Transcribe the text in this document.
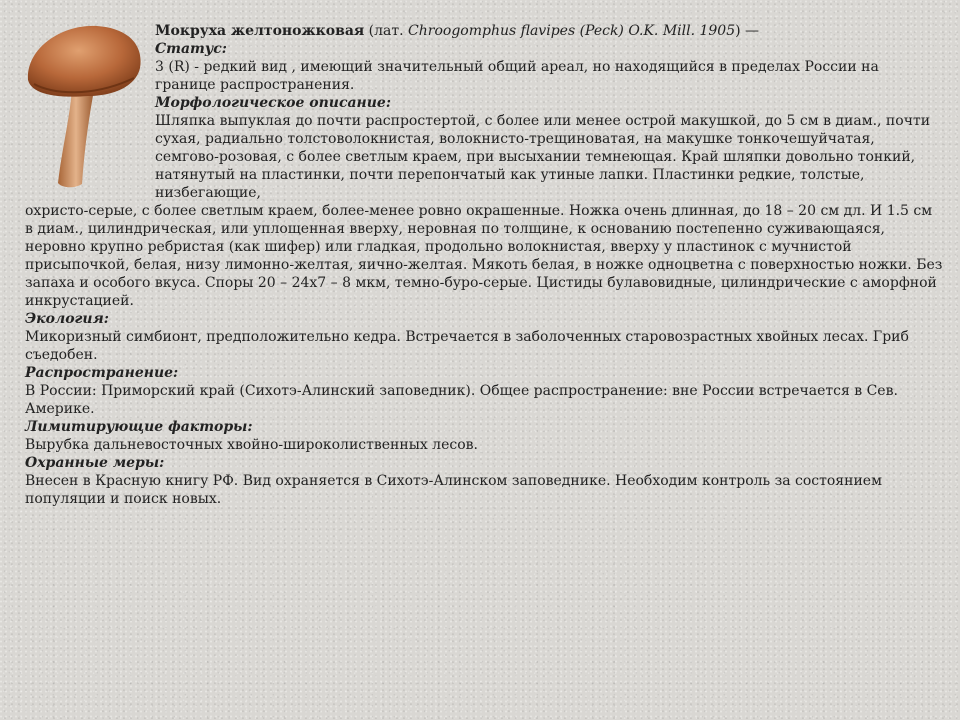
Мокруха желтоножковая (лат. Chroogomphus flavipes (Peck) O.K. Mill. 1905) —

Статус:

3 (R) - редкий вид , имеющий значительный общий ареал, но находящийся в пределах России на границе распространения.

Морфологическое описание:

Шляпка выпуклая до почти распростертой, с более или менее острой макушкой, до 5 см в диам., почти сухая, радиально толстоволокнистая, волокнисто-трещиноватая, на макушке тонкочешуйчатая, семгово-розовая, с более светлым краем, при высыхании темнеющая. Край шляпки довольно тонкий, натянутый на пластинки, почти перепончатый как утиные лапки. Пластинки редкие, толстые, низбегающие,

охристо-серые, с более светлым краем, более-менее ровно окрашенные. Ножка очень длинная, до 18 – 20 см дл. И 1.5 см в диам., цилиндрическая, или уплощенная вверху, неровная по толщине, к основанию постепенно суживающаяся, неровно крупно ребристая (как шифер) или гладкая, продольно волокнистая, вверху у пластинок с мучнистой присыпочкой, белая, низу лимонно-желтая, яично-желтая. Мякоть белая, в ножке одноцветна с поверхностью ножки. Без запаха и особого вкуса. Споры 20 – 24x7 – 8 мкм, темно-буро-серые. Цистиды булавовидные, цилиндрические с аморфной инкрустацией.

Экология:

Микоризный симбионт, предположительно кедра. Встречается в заболоченных старовозрастных хвойных лесах. Гриб съедобен.

Распространение:

В России: Приморский край (Сихотэ-Алинский заповедник). Общее распространение: вне России встречается в Сев. Америке.

Лимитирующие факторы:

Вырубка дальневосточных хвойно-широколиственных лесов.

Охранные меры:

Внесен в Красную книгу РФ. Вид охраняется в Сихотэ-Алинском заповеднике. Необходим контроль за состоянием популяции и поиск новых.
